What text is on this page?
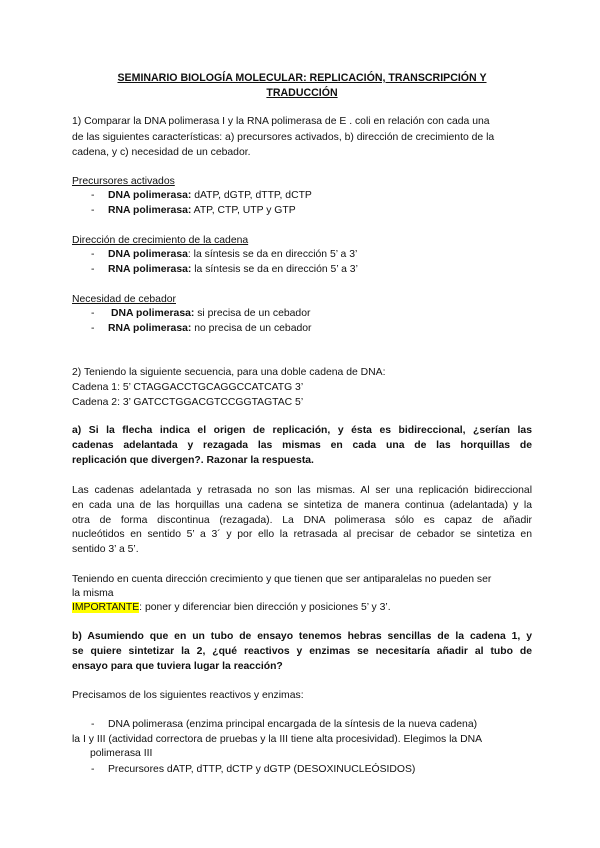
SEMINARIO BIOLOGÍA MOLECULAR: REPLICACIÓN, TRANSCRIPCIÓN Y
TRADUCCIÓN
1) Comparar la DNA polimerasa I y la RNA polimerasa de E . coli en relación con cada una
de las siguientes características: a) precursores activados, b) dirección de crecimiento de la
cadena, y c) necesidad de un cebador.
Precursores activados
- DNA polimerasa: dATP, dGTP, dTTP, dCTP
- RNA polimerasa: ATP, CTP, UTP y GTP
Dirección de crecimiento de la cadena
- DNA polimerasa: la síntesis se da en dirección 5’ a 3’
- RNA polimerasa: la síntesis se da en dirección 5’ a 3’
Necesidad de cebador
- DNA polimerasa: si precisa de un cebador
- RNA polimerasa: no precisa de un cebador
2) Teniendo la siguiente secuencia, para una doble cadena de DNA:
Cadena 1: 5’ CTAGGACCTGCAGGCCATCATG 3’
Cadena 2: 3’ GATCCTGGACGTCCGGTAGTAC 5’
a) Si la flecha indica el origen de replicación, y ésta es bidireccional, ¿serían las
cadenas adelantada y rezagada las mismas en cada una de las horquillas de
replicación que divergen?. Razonar la respuesta.
Las cadenas adelantada y retrasada no son las mismas. Al ser una replicación bidireccional
en cada una de las horquillas una cadena se sintetiza de manera continua (adelantada) y la
otra de forma discontinua (rezagada). La DNA polimerasa sólo es capaz de añadir
nucleótidos en sentido 5’ a 3´ y por ello la retrasada al precisar de cebador se sintetiza en
sentido 3’ a 5’.
Teniendo en cuenta dirección crecimiento y que tienen que ser antiparalelas no pueden ser
la misma
IMPORTANTE: poner y diferenciar bien dirección y posiciones 5’ y 3’.
b) Asumiendo que en un tubo de ensayo tenemos hebras sencillas de la cadena 1, y
se quiere sintetizar la 2, ¿qué reactivos y enzimas se necesitaría añadir al tubo de
ensayo para que tuviera lugar la reacción?
Precisamos de los siguientes reactivos y enzimas:
- DNA polimerasa (enzima principal encargada de la síntesis de la nueva cadena)
la I y III (actividad correctora de pruebas y la III tiene alta procesividad). Elegimos la DNA
polimerasa III
- Precursores dATP, dTTP, dCTP y dGTP (DESOXINUCLEÓSIDOS)
